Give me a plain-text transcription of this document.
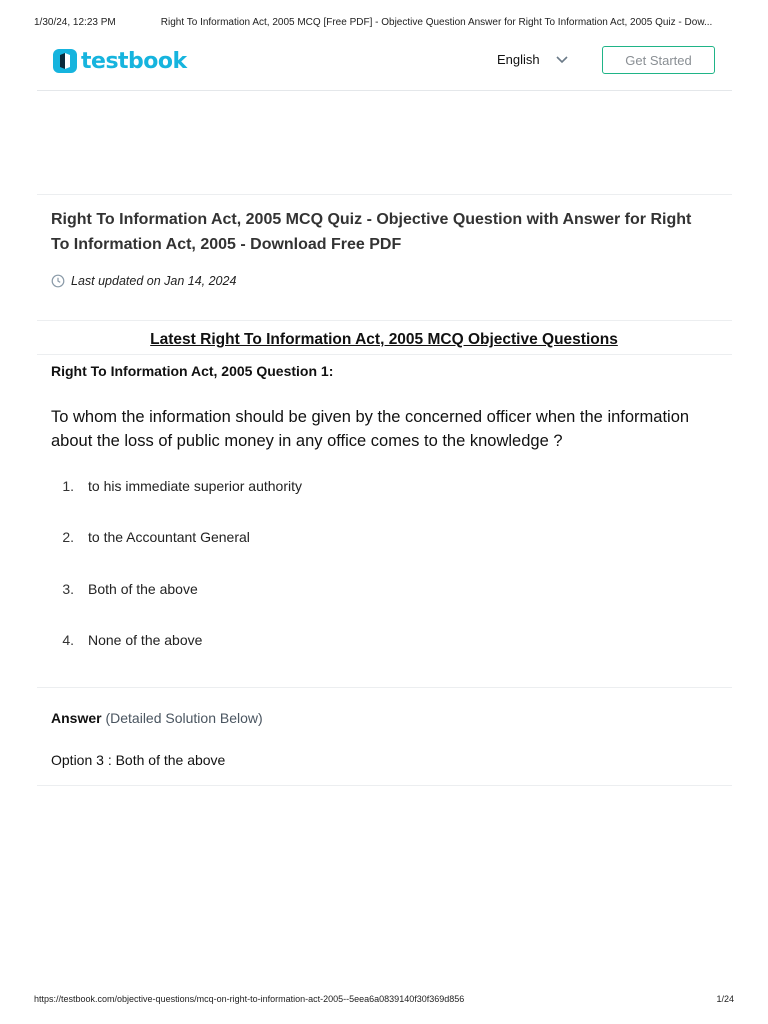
1/30/24, 12:23 PM	Right To Information Act, 2005 MCQ [Free PDF] - Objective Question Answer for Right To Information Act, 2005 Quiz - Dow...
testbook	English	Get Started
Right To Information Act, 2005 MCQ Quiz - Objective Question with Answer for Right To Information Act, 2005 - Download Free PDF
Last updated on Jan 14, 2024
Latest Right To Information Act, 2005 MCQ Objective Questions
Right To Information Act, 2005 Question 1:
To whom the information should be given by the concerned officer when the information about the loss of public money in any office comes to the knowledge ?
1.	to his immediate superior authority
2.	to the Accountant General
3.	Both of the above
4.	None of the above
Answer (Detailed Solution Below)
Option 3 : Both of the above
https://testbook.com/objective-questions/mcq-on-right-to-information-act-2005--5eea6a0839140f30f369d856	1/24
